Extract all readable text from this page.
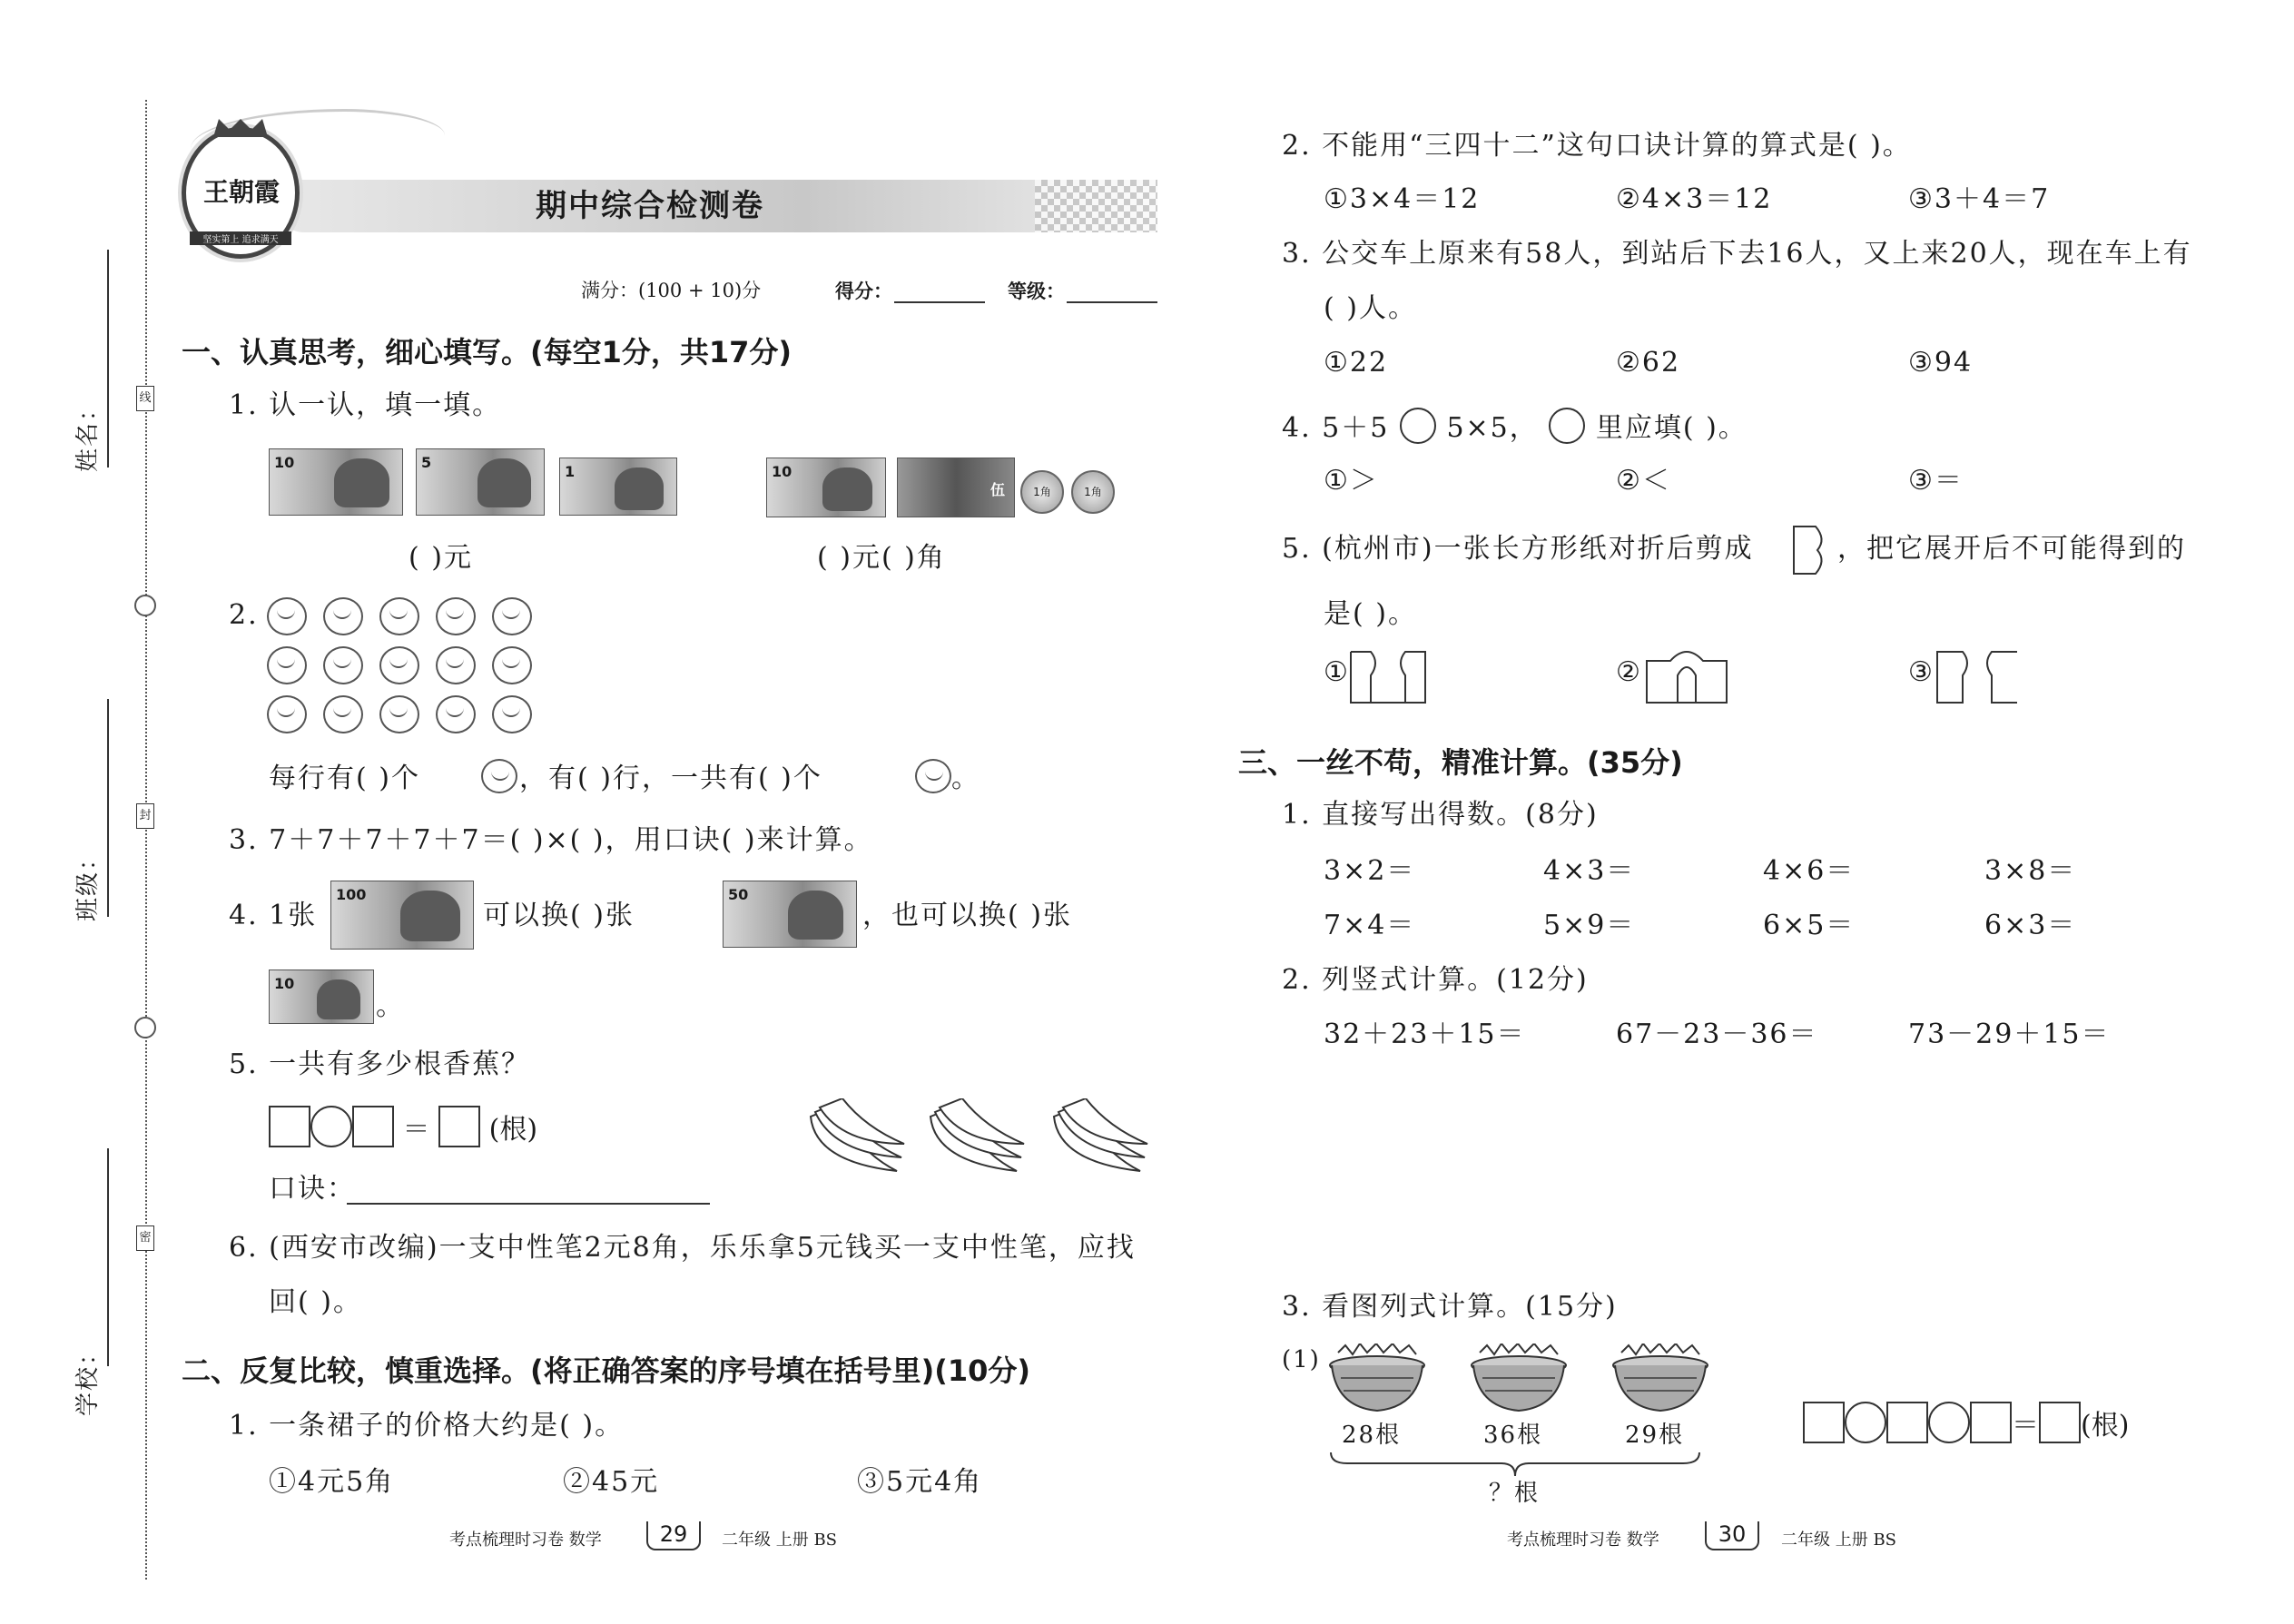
姓名：
班级：
学校：
线
封
密
王朝霞
坚实第上 追求满天
期中综合检测卷
满分：(100 + 10)分	得分：	等级：
一、认真思考，细心填写。(每空1分，共17分)
1. 认一认，填一填。
10	5
1	10
伍	1角	1角
( )元	( )元( )角
2.
每行有( )个	，有( )行，一共有( )个	。
3. 7＋7＋7＋7＋7＝( )×( )，用口诀( )来计算。
4. 1张
100
可以换( )张
50
，也可以换( )张
10
。
5. 一共有多少根香蕉？
＝  (根)
口诀：
6. (西安市改编)一支中性笔2元8角，乐乐拿5元钱买一支中性笔，应找
回( )。
二、反复比较，慎重选择。(将正确答案的序号填在括号里)(10分)
1. 一条裙子的价格大约是( )。
①4元5角	②45元	③5元4角
2. 不能用“三四十二”这句口诀计算的算式是( )。
①3×4＝12	②4×3＝12	③3＋4＝7
3. 公交车上原来有58人，到站后下去16人，又上来20人，现在车上有
( )人。
①22	②62	③94
4. 5＋5 5×5， 里应填( )。
①＞	②＜	③＝
5. (杭州市)一张长方形纸对折后剪成	，把它展开后不可能得到的
是( )。
①	②	③
三、一丝不苟，精准计算。(35分)
1. 直接写出得数。(8分)
3×2＝	4×3＝	4×6＝	3×8＝
7×4＝	5×9＝	6×5＝	6×3＝
2. 列竖式计算。(12分)
32＋23＋15＝	67－23－36＝	73－29＋15＝
3. 看图列式计算。(15分)
(1)
28根	36根	29根
？根
＝ (根)
考点梳理时习卷 数学	29	二年级 上册 BS	考点梳理时习卷 数学	30	二年级 上册 BS
